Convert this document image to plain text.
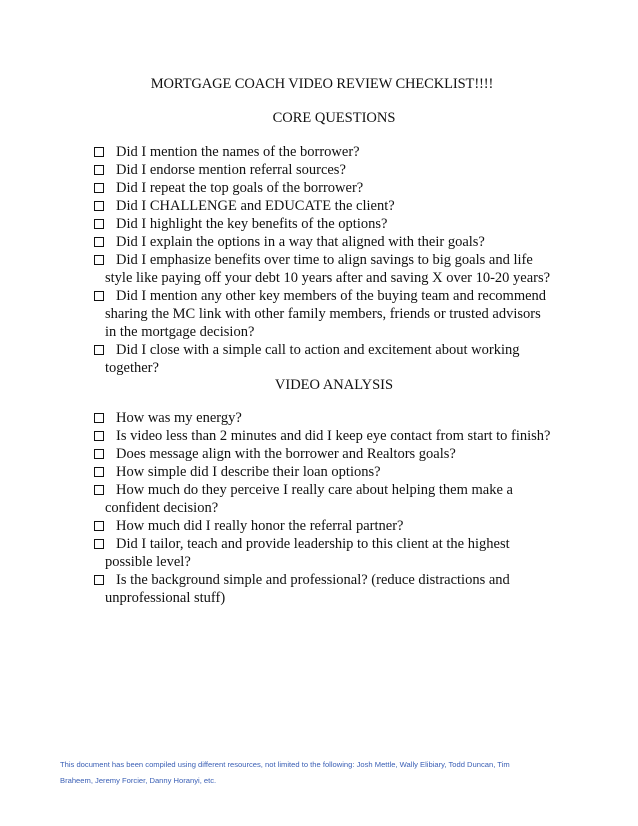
MORTGAGE COACH VIDEO REVIEW CHECKLIST!!!!
CORE QUESTIONS
Did I mention the names of the borrower?
Did I endorse mention referral sources?
Did I repeat the top goals of the borrower?
Did I CHALLENGE and EDUCATE the client?
Did I highlight the key benefits of the options?
Did I explain the options in a way that aligned with their goals?
Did I emphasize benefits over time to align savings to big goals and life
style like paying off your debt 10 years after and saving X over 10-20 years?
Did I mention any other key members of the buying team and recommend
sharing the MC link with other family members, friends or trusted advisors
in the mortgage decision?
Did I close with a simple call to action and excitement about working
together?
VIDEO ANALYSIS
How was my energy?
Is video less than 2 minutes and did I keep eye contact from start to finish?
Does message align with the borrower and Realtors goals?
How simple did I describe their loan options?
How much do they perceive I really care about helping them make a
confident decision?
How much did I really honor the referral partner?
Did I tailor, teach and provide leadership to this client at the highest
possible level?
Is the background simple and professional? (reduce distractions and
unprofessional stuff)
This document has been compiled using different resources, not limited to the following: Josh Mettle, Wally Elibiary, Todd Duncan, Tim
Braheem, Jeremy Forcier, Danny Horanyi, etc.
